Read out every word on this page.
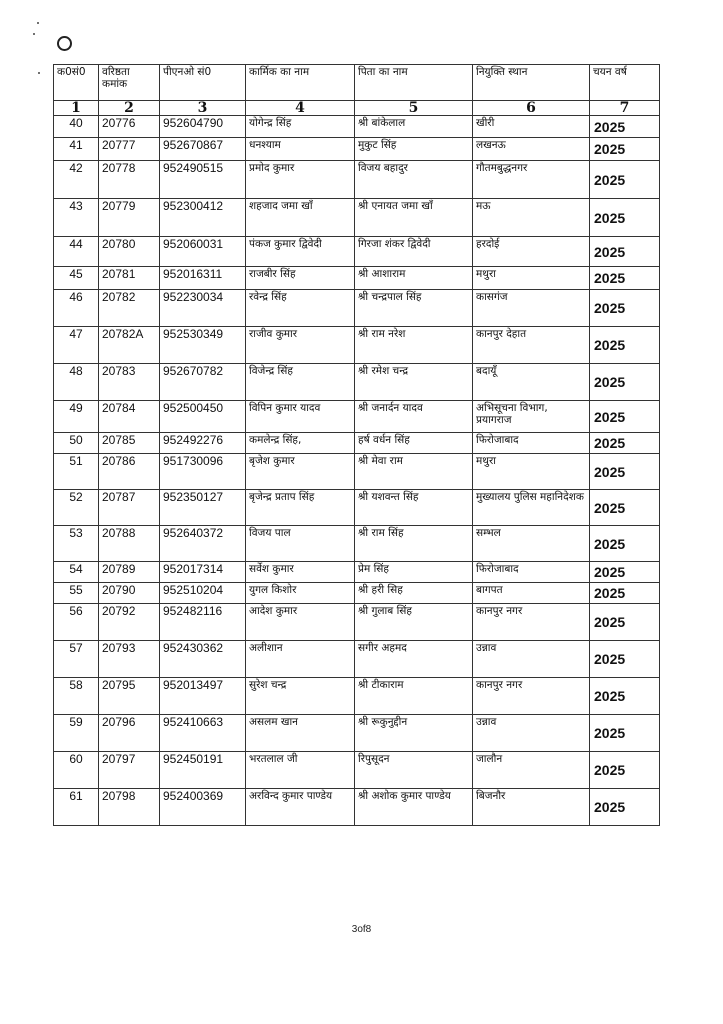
क0सं0	वरिष्ठता कमांक	पीएनओ सं0	कार्मिक का नाम	पिता का नाम	नियुक्ति स्थान	चयन वर्ष
1	2	3	4	5	6	7
40	20776	952604790	योगेन्द्र सिंह	श्री बांकेलाल	खीरी	2025
41	20777	952670867	धनश्याम	मुकुट सिंह	लखनऊ	2025
42	20778	952490515	प्रमोद कुमार	विजय बहादुर	गौतमबुद्धनगर	2025
43	20779	952300412	शहजाद जमा खाँ	श्री एनायत जमा खाँ	मऊ	2025
44	20780	952060031	पंकज कुमार द्विवेदी	गिरजा शंकर द्विवेदी	हरदोई	2025
45	20781	952016311	राजबीर सिंह	श्री आशाराम	मथुरा	2025
46	20782	952230034	रवेन्द्र सिंह	श्री चन्द्रपाल सिंह	कासगंज	2025
47	20782A	952530349	राजीव कुमार	श्री राम नरेश	कानपुर देहात	2025
48	20783	952670782	विजेन्द्र सिंह	श्री रमेश चन्द्र	बदायूँ	2025
49	20784	952500450	विपिन कुमार यादव	श्री जनार्दन यादव	अभिसूचना विभाग, प्रयागराज	2025
50	20785	952492276	कमलेन्द्र सिंह,	हर्ष वर्धन सिंह	फिरोजाबाद	2025
51	20786	951730096	बृजेश कुमार	श्री मेवा राम	मथुरा	2025
52	20787	952350127	बृजेन्द्र प्रताप सिंह	श्री यशवन्त सिंह	मुख्यालय पुलिस महानिदेशक	2025
53	20788	952640372	विजय पाल	श्री राम सिंह	सम्भल	2025
54	20789	952017314	सर्वेश कुमार	प्रेम सिंह	फिरोजाबाद	2025
55	20790	952510204	युगल किशोर	श्री हरी सिह	बागपत	2025
56	20792	952482116	आदेश कुमार	श्री गुलाब सिंह	कानपुर नगर	2025
57	20793	952430362	अलीशान	सगीर अहमद	उन्नाव	2025
58	20795	952013497	सुरेश चन्द्र	श्री टीकाराम	कानपुर नगर	2025
59	20796	952410663	असलम खान	श्री रूकुनुद्दीन	उन्नाव	2025
60	20797	952450191	भरतलाल जी	रिपुसूदन	जालौन	2025
61	20798	952400369	अरविन्द कुमार पाण्डेय	श्री अशोक कुमार पाण्डेय	बिजनौर	2025
3of8
